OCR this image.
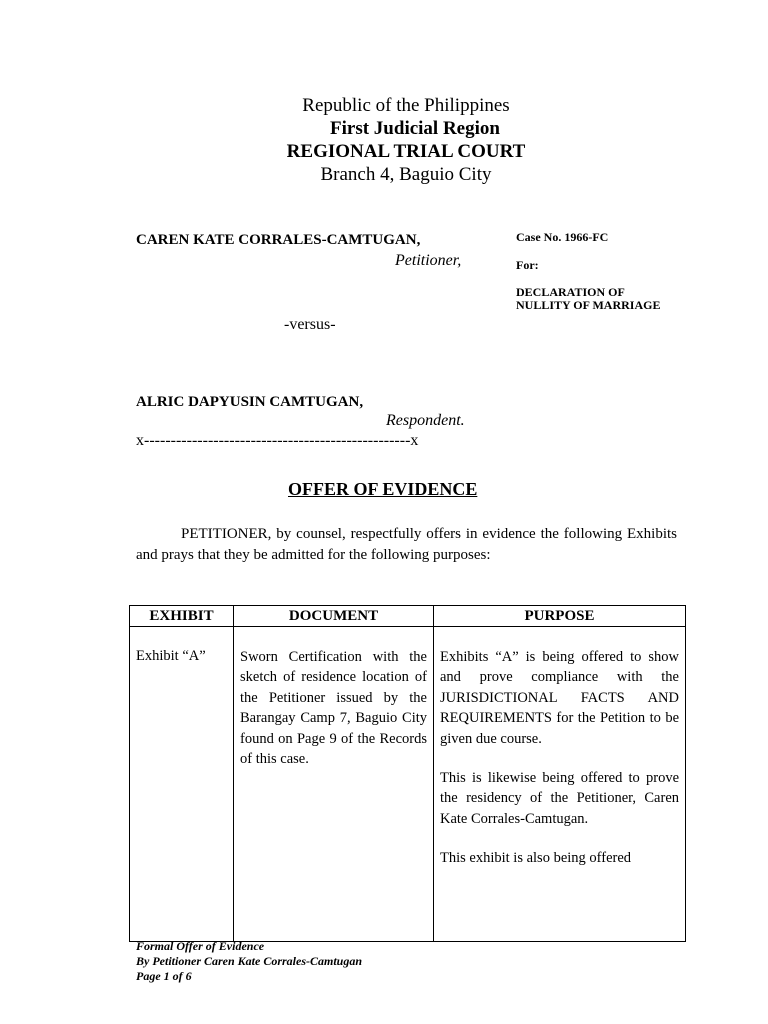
Republic of the Philippines
First Judicial Region
REGIONAL TRIAL COURT
Branch 4, Baguio City
CAREN KATE CORRALES-CAMTUGAN,
Petitioner,
-versus-
ALRIC DAPYUSIN CAMTUGAN,
Respondent.
x--------------------------------------------------x
Case No. 1966-FC
For:
DECLARATION OF
NULLITY OF MARRIAGE
OFFER OF EVIDENCE
PETITIONER, by counsel, respectfully offers in evidence the following Exhibits and prays that they be admitted for the following purposes:
EXHIBIT	DOCUMENT	PURPOSE
Exhibit “A”	Sworn Certification with the sketch of residence location of the Petitioner issued by the Barangay Camp 7, Baguio City found on Page 9 of the Records of this case.	Exhibits “A” is being offered to show and prove compliance with the JURISDICTIONAL FACTS AND REQUIREMENTS for the Petition to be given due course.

This is likewise being offered to prove the residency of the Petitioner, Caren Kate Corrales-Camtugan.

This exhibit is also being offered

Formal Offer of Evidence
By Petitioner Caren Kate Corrales-Camtugan
Page 1 of 6
